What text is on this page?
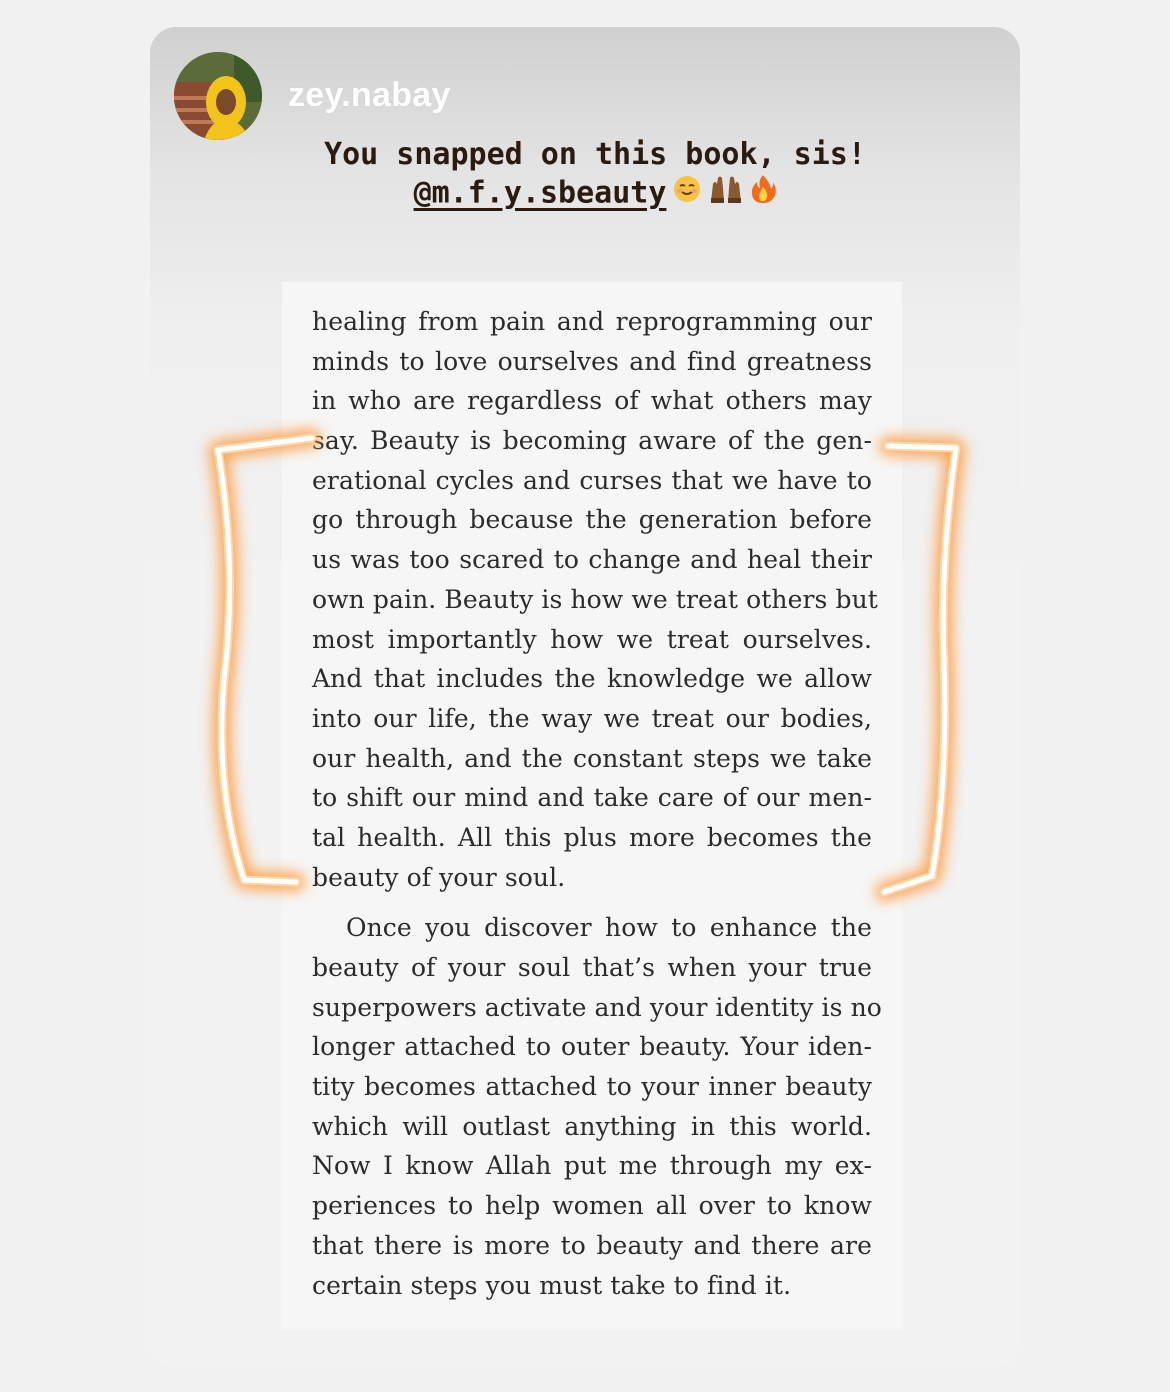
zey.nabay
You snapped on this book, sis!
@m.f.y.sbeauty
healing from pain and reprogramming our
minds to love ourselves and find greatness
in who are regardless of what others may
say. Beauty is becoming aware of the gen-
erational cycles and curses that we have to
go through because the generation before
us was too scared to change and heal their
own pain. Beauty is how we treat others but
most importantly how we treat ourselves.
And that includes the knowledge we allow
into our life, the way we treat our bodies,
our health, and the constant steps we take
to shift our mind and take care of our men-
tal health. All this plus more becomes the
beauty of your soul.
Once you discover how to enhance the
beauty of your soul that’s when your true
superpowers activate and your identity is no
longer attached to outer beauty. Your iden-
tity becomes attached to your inner beauty
which will outlast anything in this world.
Now I know Allah put me through my ex-
periences to help women all over to know
that there is more to beauty and there are
certain steps you must take to find it.
